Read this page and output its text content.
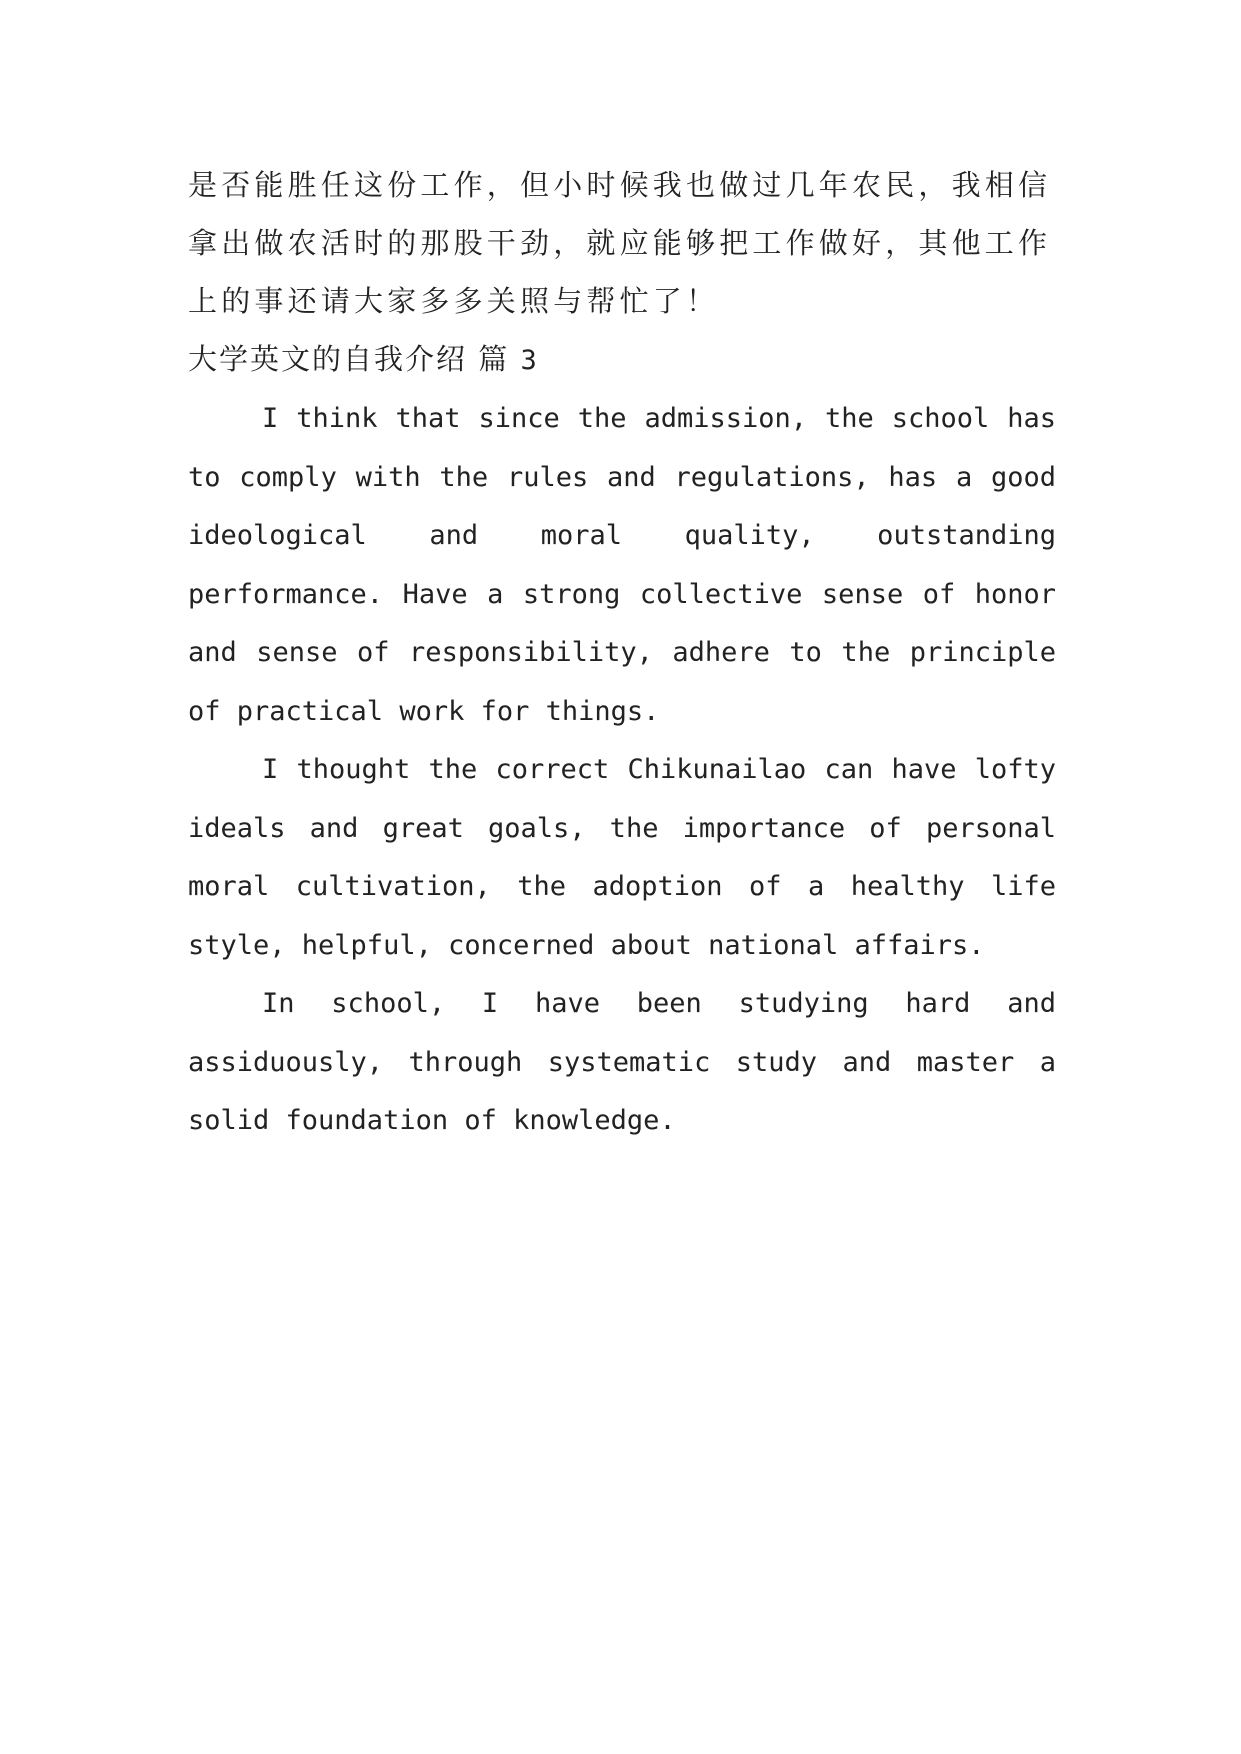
是否能胜任这份工作，但小时候我也做过几年农民，我相信

拿出做农活时的那股干劲，就应能够把工作做好，其他工作

上的事还请大家多多关照与帮忙了！

大学英文的自我介绍 篇 3

I think that since the admission, the school has to comply with the rules and regulations, has a good ideological and moral quality, outstanding performance. Have a strong collective sense of honor and sense of responsibility, adhere to the principle of practical work for things.

I thought the correct Chikunailao can have lofty ideals and great goals, the importance of personal moral cultivation, the adoption of a healthy life style, helpful, concerned about national affairs.

In school, I have been studying hard and assiduously, through systematic study and master a solid foundation of knowledge.
